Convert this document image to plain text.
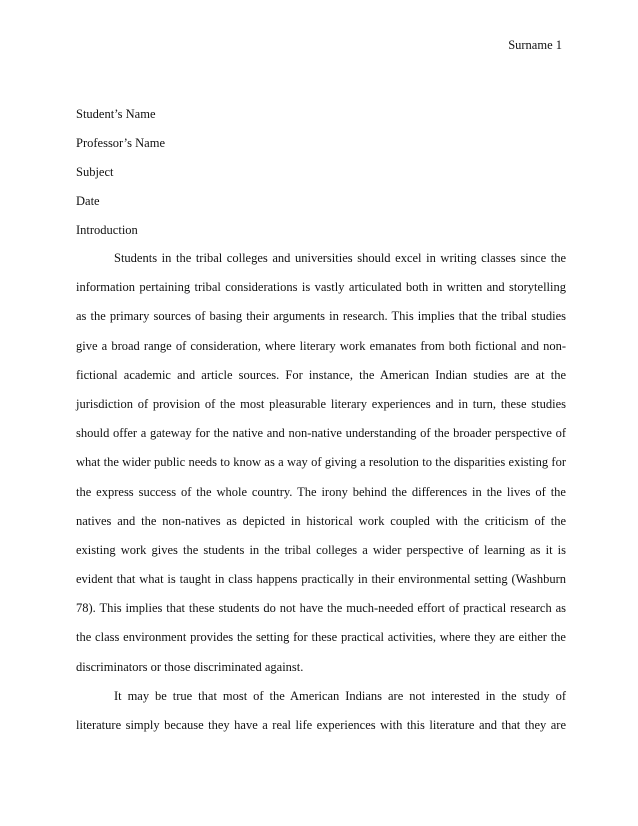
Surname 1
Student’s Name
Professor’s Name
Subject
Date
Introduction
Students in the tribal colleges and universities should excel in writing classes since the
information pertaining tribal considerations is vastly articulated both in written and storytelling
as the primary sources of basing their arguments in research. This implies that the tribal studies
give a broad range of consideration, where literary work emanates from both fictional and non-
fictional academic and article sources. For instance, the American Indian studies are at the
jurisdiction of provision of the most pleasurable literary experiences and in turn, these studies
should offer a gateway for the native and non-native understanding of the broader perspective of
what the wider public needs to know as a way of giving a resolution to the disparities existing for
the express success of the whole country. The irony behind the differences in the lives of the
natives and the non-natives as depicted in historical work coupled with the criticism of the
existing work gives the students in the tribal colleges a wider perspective of learning as it is
evident that what is taught in class happens practically in their environmental setting (Washburn
78). This implies that these students do not have the much-needed effort of practical research as
the class environment provides the setting for these practical activities, where they are either the
discriminators or those discriminated against.
It may be true that most of the American Indians are not interested in the study of
literature simply because they have a real life experiences with this literature and that they are
